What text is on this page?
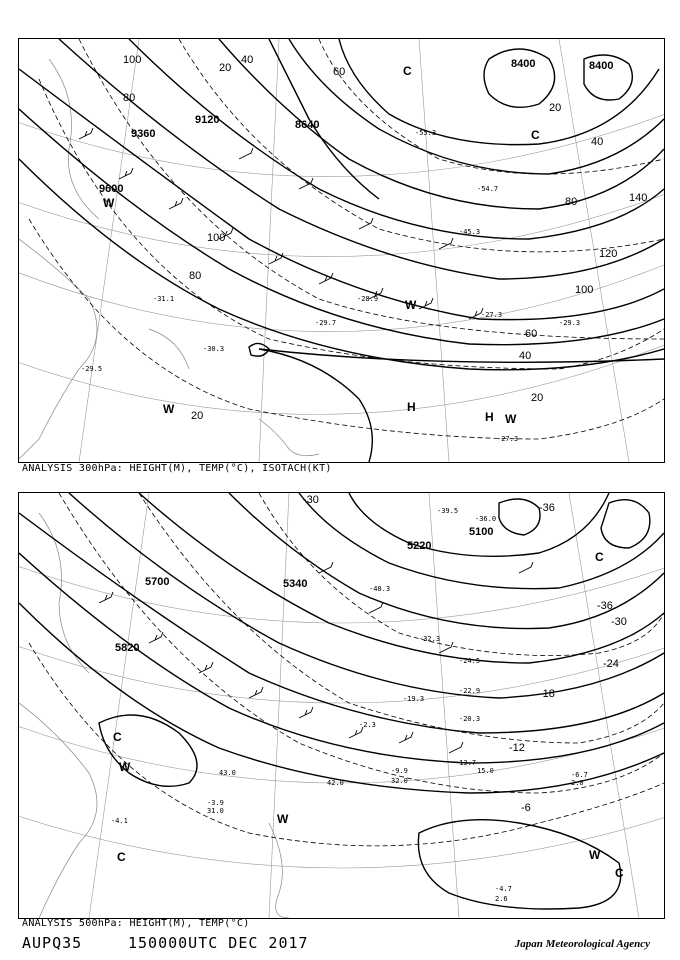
9360
9120	8640
8400	8400
9600
100
80
60
40
20
20
120
140
100
80
60
40
20
100
80
40
20
-29.5
-31.1
-30.3
-29.7
-28.9
-27.3
-29.3
-27.3
-54.7
-55.3
-45.3
H
H
C
W
W
W
W
C
ANALYSIS 300hPa: HEIGHT(M), TEMP(°C), ISOTACH(KT)
5700
5220
5100
5340
5820
-36
-30
-24
-18
-12
-6
-30
-36
-39.5
-36.0
-40.3
-32.3
-24.5
-22.9
-20.3
-19.3
-13.7
-9.9
-4.7
-6.7
-3.9
-4.1
-2.3
15.0
32.0
42.0
2.6
2.0
31.0
43.0
C
C
C
W
W
W
C
ANALYSIS 500hPa: HEIGHT(M), TEMP(°C)
AUPQ35	150000UTC DEC 2017	Japan Meteorological Agency
